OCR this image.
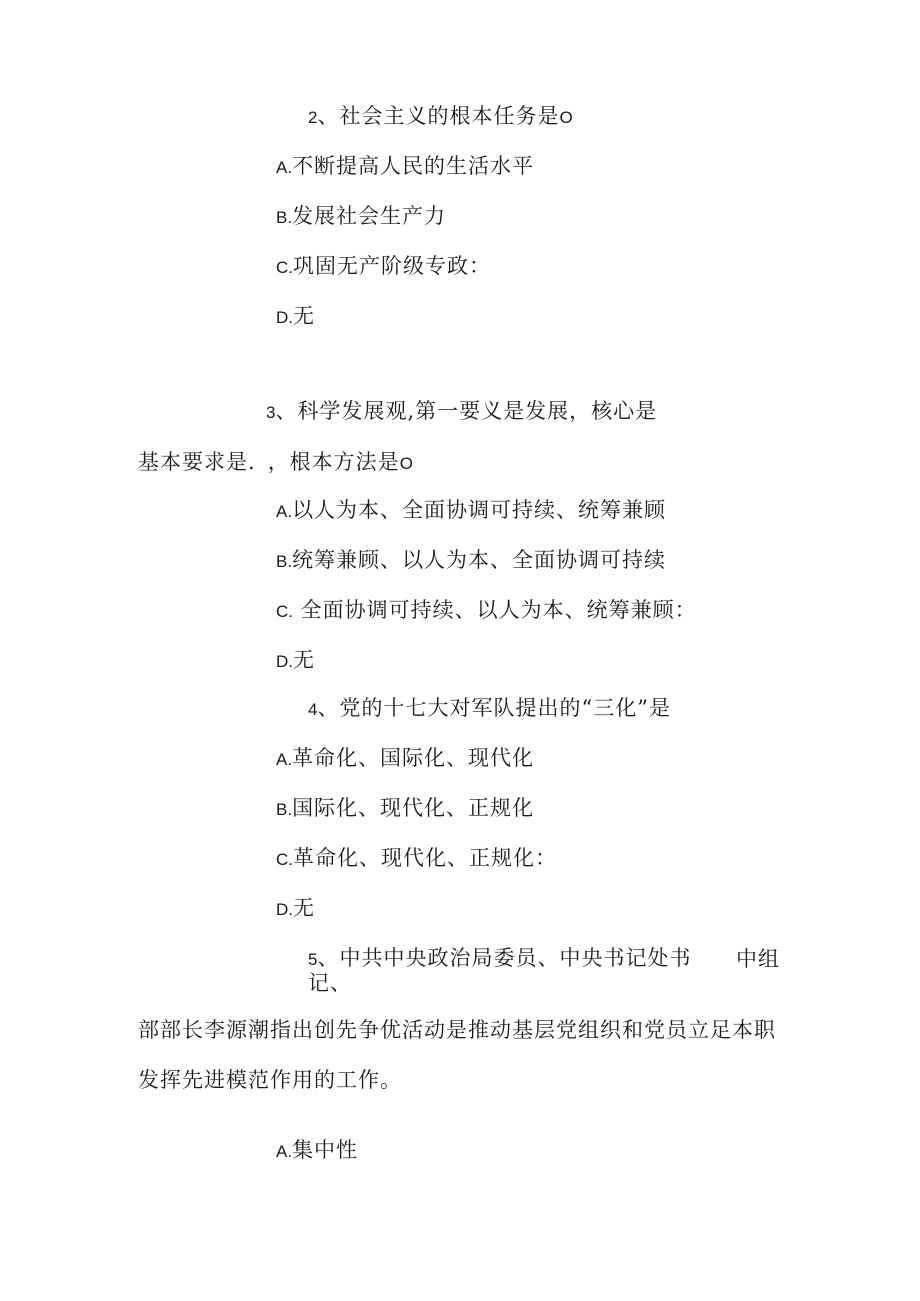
2、社会主义的根本任务是O
A.不断提高人民的生活水平
B.发展社会生产力
C.巩固无产阶级专政：
D.无
3、科学发展观,第一要义是发展，核心是
基本要求是. ，根本方法是O
A.以人为本、全面协调可持续、统筹兼顾
B.统筹兼顾、以人为本、全面协调可持续
C. 全面协调可持续、以人为本、统筹兼顾：
D.无
4、党的十七大对军队提出的“三化”是
A.革命化、国际化、现代化
B.国际化、现代化、正规化
C.革命化、现代化、正规化：
D.无
5、中共中央政治局委员、中央书记处书 中组
记、
部部长李源潮指出创先争优活动是推动基层党组织和党员立足本职
发挥先进模范作用的工作。
A.集中性
